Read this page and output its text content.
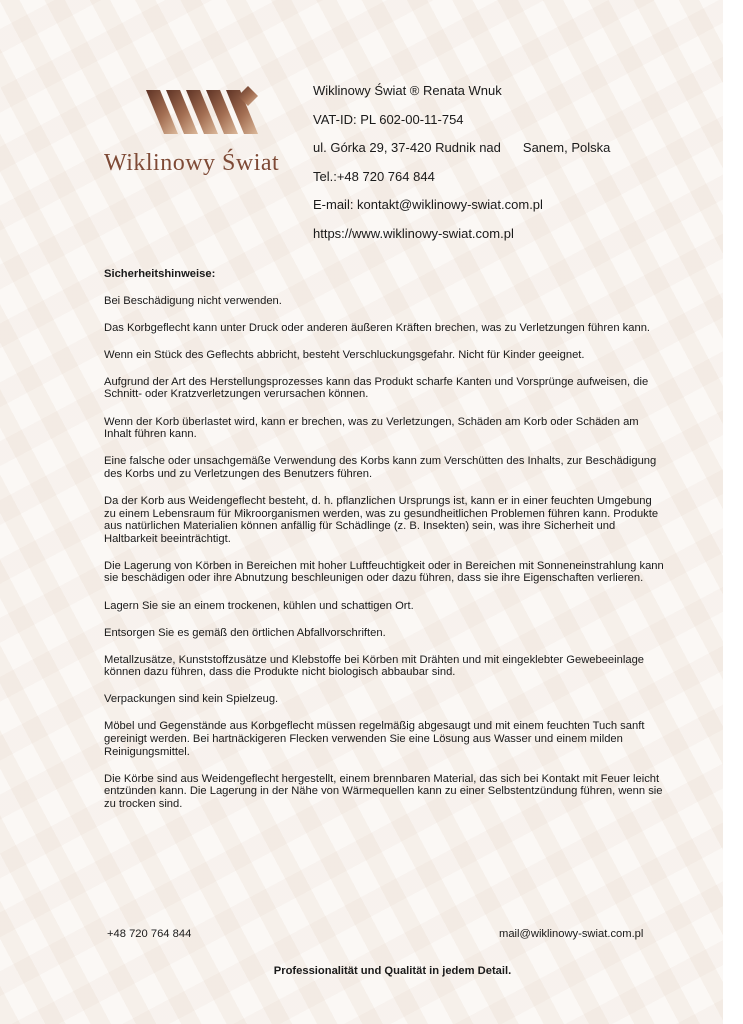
Wiklinowy Świat
Wiklinowy Świat ® Renata Wnuk
VAT-ID: PL 602-00-11-754
ul. Górka 29, 37-420 Rudnik nad Sanem, Polska
Tel.:+48 720 764 844
E-mail: kontakt@wiklinowy-swiat.com.pl
https://www.wiklinowy-swiat.com.pl
Sicherheitshinweise:

Bei Beschädigung nicht verwenden.

Das Korbgeflecht kann unter Druck oder anderen äußeren Kräften brechen, was zu Verletzungen führen kann.

Wenn ein Stück des Geflechts abbricht, besteht Verschluckungsgefahr. Nicht für Kinder geeignet.

Aufgrund der Art des Herstellungsprozesses kann das Produkt scharfe Kanten und Vorsprünge aufweisen, die Schnitt- oder Kratzverletzungen verursachen können.

Wenn der Korb überlastet wird, kann er brechen, was zu Verletzungen, Schäden am Korb oder Schäden am Inhalt führen kann.

Eine falsche oder unsachgemäße Verwendung des Korbs kann zum Verschütten des Inhalts, zur Beschädigung des Korbs und zu Verletzungen des Benutzers führen.

Da der Korb aus Weidengeflecht besteht, d. h. pflanzlichen Ursprungs ist, kann er in einer feuchten Umgebung zu einem Lebensraum für Mikroorganismen werden, was zu gesundheitlichen Problemen führen kann. Produkte aus natürlichen Materialien können anfällig für Schädlinge (z. B. Insekten) sein, was ihre Sicherheit und Haltbarkeit beeinträchtigt.

Die Lagerung von Körben in Bereichen mit hoher Luftfeuchtigkeit oder in Bereichen mit Sonneneinstrahlung kann sie beschädigen oder ihre Abnutzung beschleunigen oder dazu führen, dass sie ihre Eigenschaften verlieren.

Lagern Sie sie an einem trockenen, kühlen und schattigen Ort.

Entsorgen Sie es gemäß den örtlichen Abfallvorschriften.

Metallzusätze, Kunststoffzusätze und Klebstoffe bei Körben mit Drähten und mit eingeklebter Gewebeeinlage können dazu führen, dass die Produkte nicht biologisch abbaubar sind.

Verpackungen sind kein Spielzeug.

Möbel und Gegenstände aus Korbgeflecht müssen regelmäßig abgesaugt und mit einem feuchten Tuch sanft gereinigt werden. Bei hartnäckigeren Flecken verwenden Sie eine Lösung aus Wasser und einem milden Reinigungsmittel.

Die Körbe sind aus Weidengeflecht hergestellt, einem brennbaren Material, das sich bei Kontakt mit Feuer leicht entzünden kann. Die Lagerung in der Nähe von Wärmequellen kann zu einer Selbstentzündung führen, wenn sie zu trocken sind.

+48 720 764 844	mail@wiklinowy-swiat.com.pl
Professionalität und Qualität in jedem Detail.
